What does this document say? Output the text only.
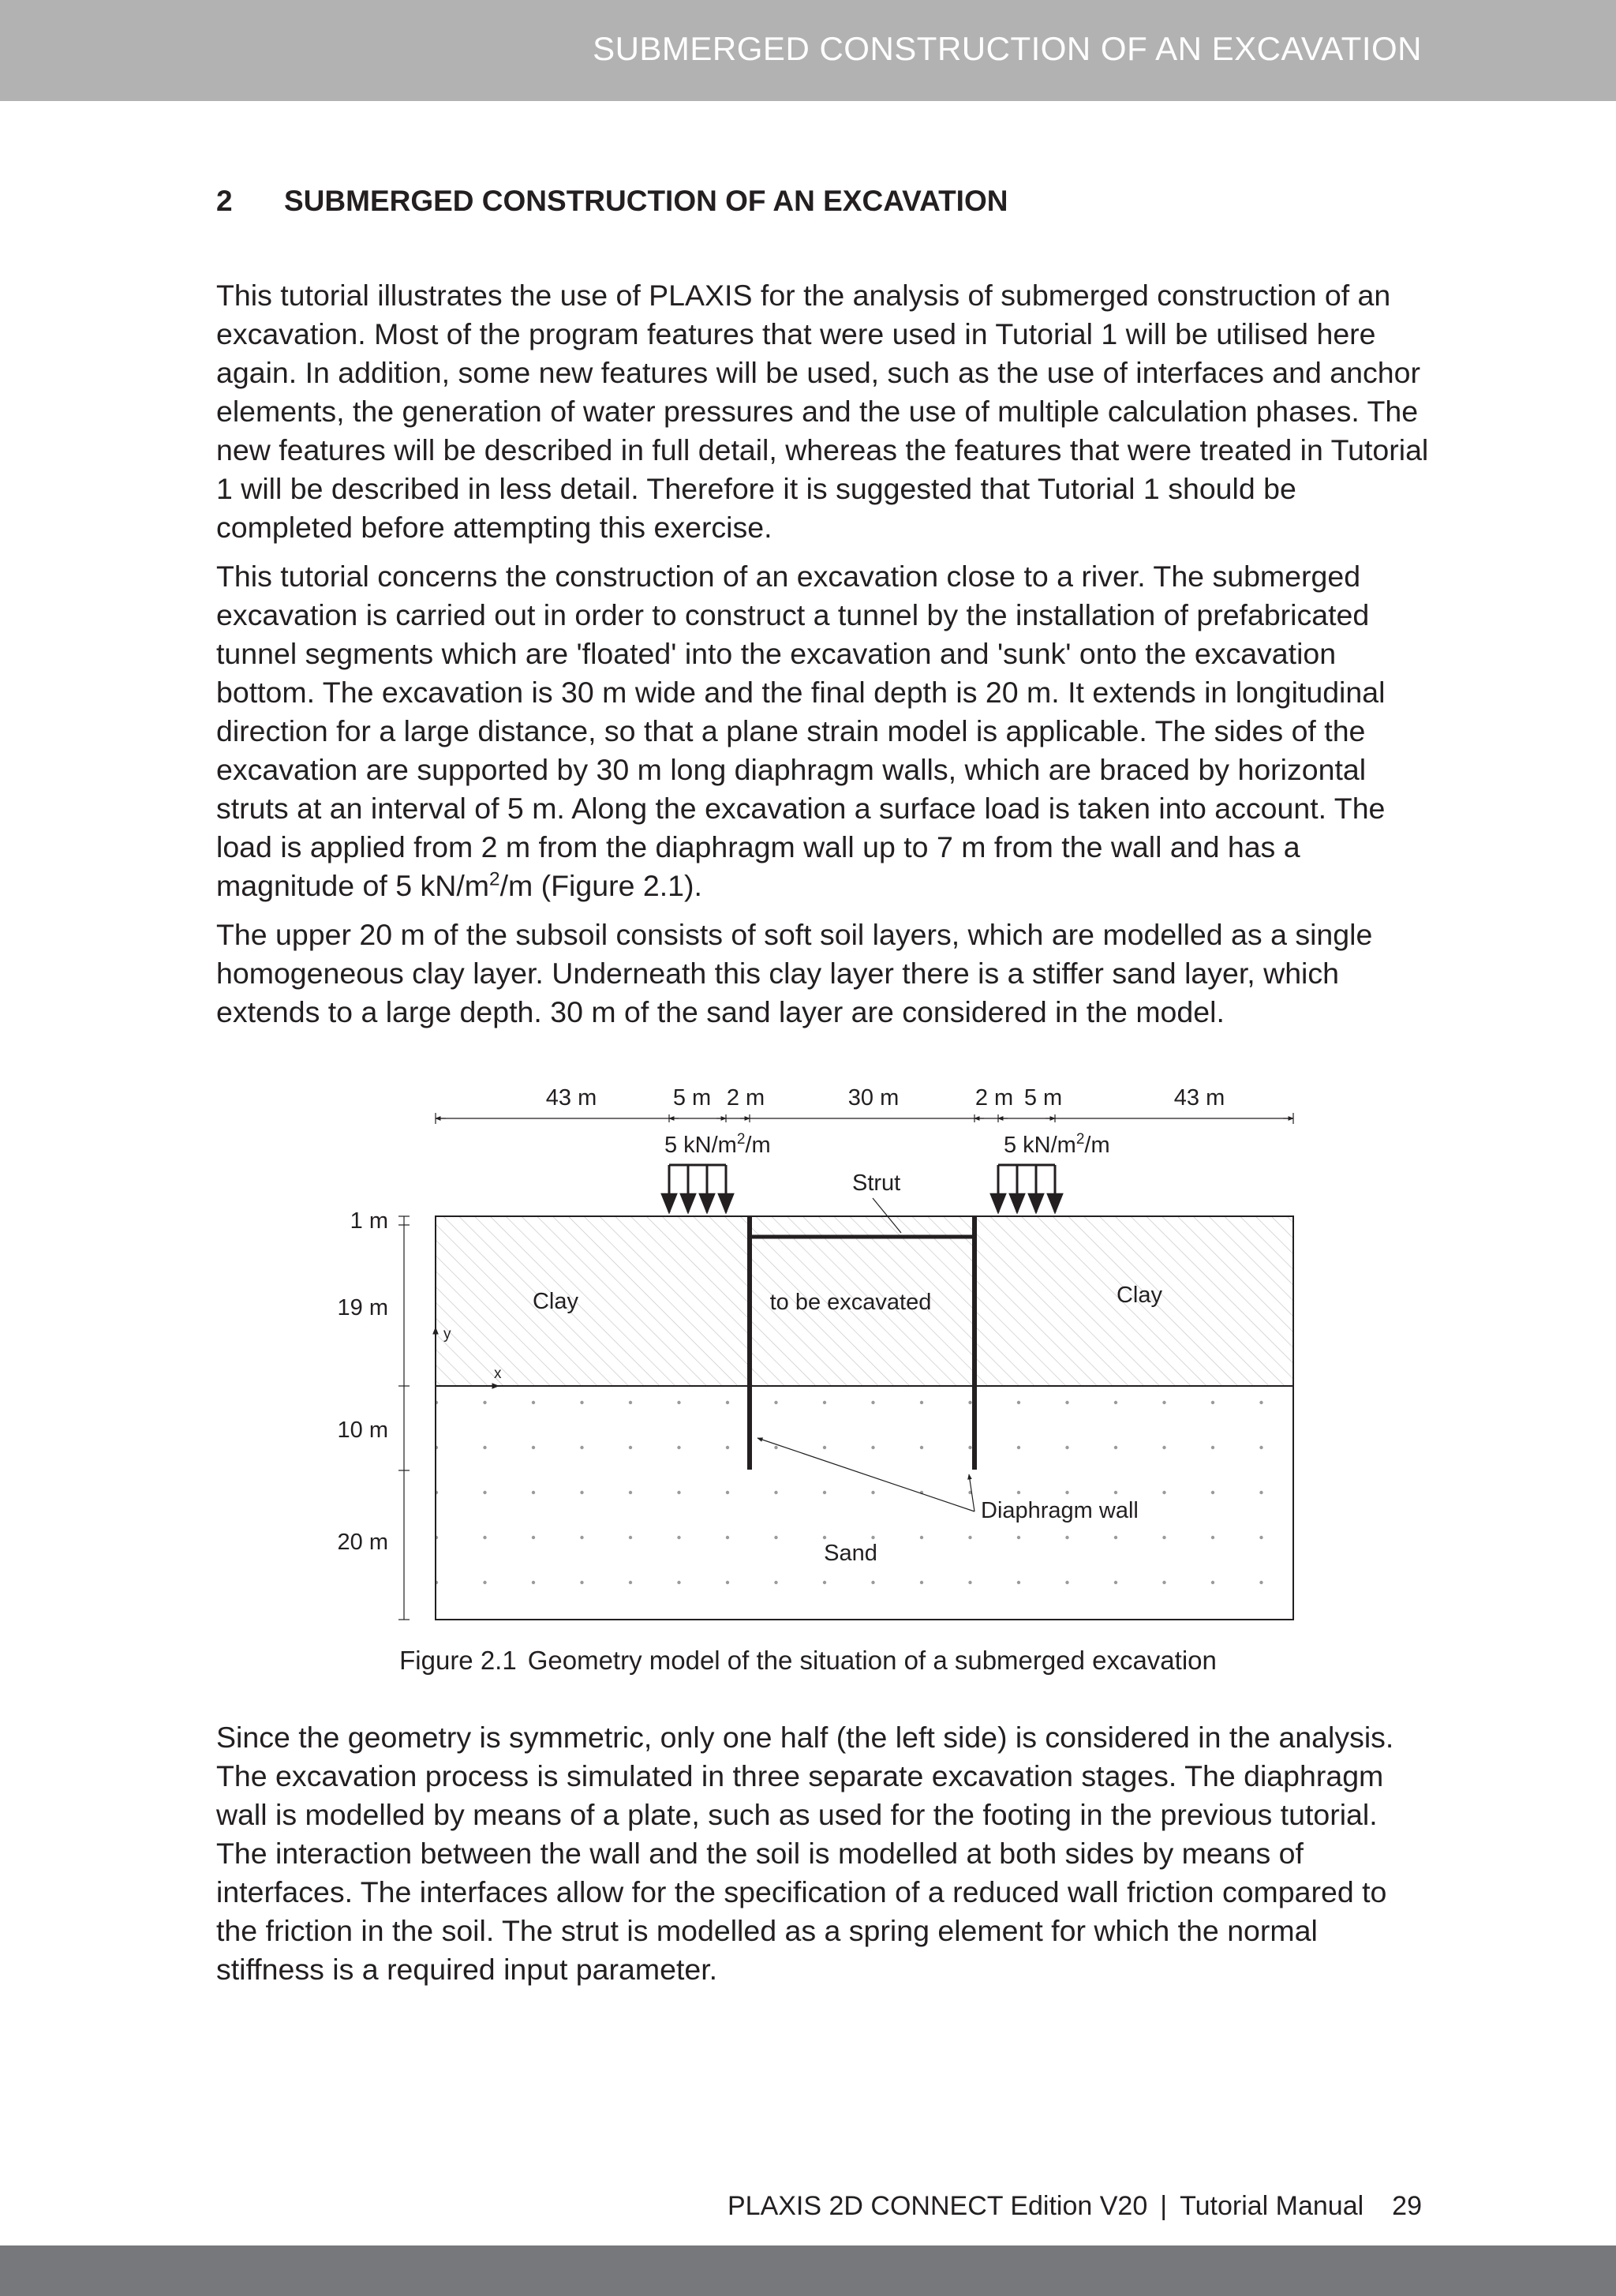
SUBMERGED CONSTRUCTION OF AN EXCAVATION
2 SUBMERGED CONSTRUCTION OF AN EXCAVATION

This tutorial illustrates the use of PLAXIS for the analysis of submerged construction of an excavation. Most of the program features that were used in Tutorial 1 will be utilised here again. In addition, some new features will be used, such as the use of interfaces and anchor elements, the generation of water pressures and the use of multiple calculation phases. The new features will be described in full detail, whereas the features that were treated in Tutorial 1 will be described in less detail. Therefore it is suggested that Tutorial 1 should be completed before attempting this exercise.

This tutorial concerns the construction of an excavation close to a river. The submerged excavation is carried out in order to construct a tunnel by the installation of prefabricated tunnel segments which are 'floated' into the excavation and 'sunk' onto the excavation bottom. The excavation is 30 m wide and the final depth is 20 m. It extends in longitudinal direction for a large distance, so that a plane strain model is applicable. The sides of the excavation are supported by 30 m long diaphragm walls, which are braced by horizontal struts at an interval of 5 m. Along the excavation a surface load is taken into account. The load is applied from 2 m from the diaphragm wall up to 7 m from the wall and has a magnitude of 5 $kN/m^2/m$ (Figure 2.1).

The upper 20 m of the subsoil consists of soft soil layers, which are modelled as a single homogeneous clay layer. Underneath this clay layer there is a stiffer sand layer, which extends to a large depth. 30 m of the sand layer are considered in the model.

43 m	5 m 2 m	30 m	2 m 5 m	43 m
5 $kN/m^2/m$	5 $kN/m^2/m$
Strut
1 m
19 m
10 m
20 m
Clay	Clay
to be excavated
Sand
y
x
Diaphragm wall
Figure 2.1 Geometry model of the situation of a submerged excavation

Since the geometry is symmetric, only one half (the left side) is considered in the analysis. The excavation process is simulated in three separate excavation stages. The diaphragm wall is modelled by means of a plate, such as used for the footing in the previous tutorial. The interaction between the wall and the soil is modelled at both sides by means of interfaces. The interfaces allow for the specification of a reduced wall friction compared to the friction in the soil. The strut is modelled as a spring element for which the normal stiffness is a required input parameter.

PLAXIS 2D CONNECT Edition V20 | Tutorial Manual 29
